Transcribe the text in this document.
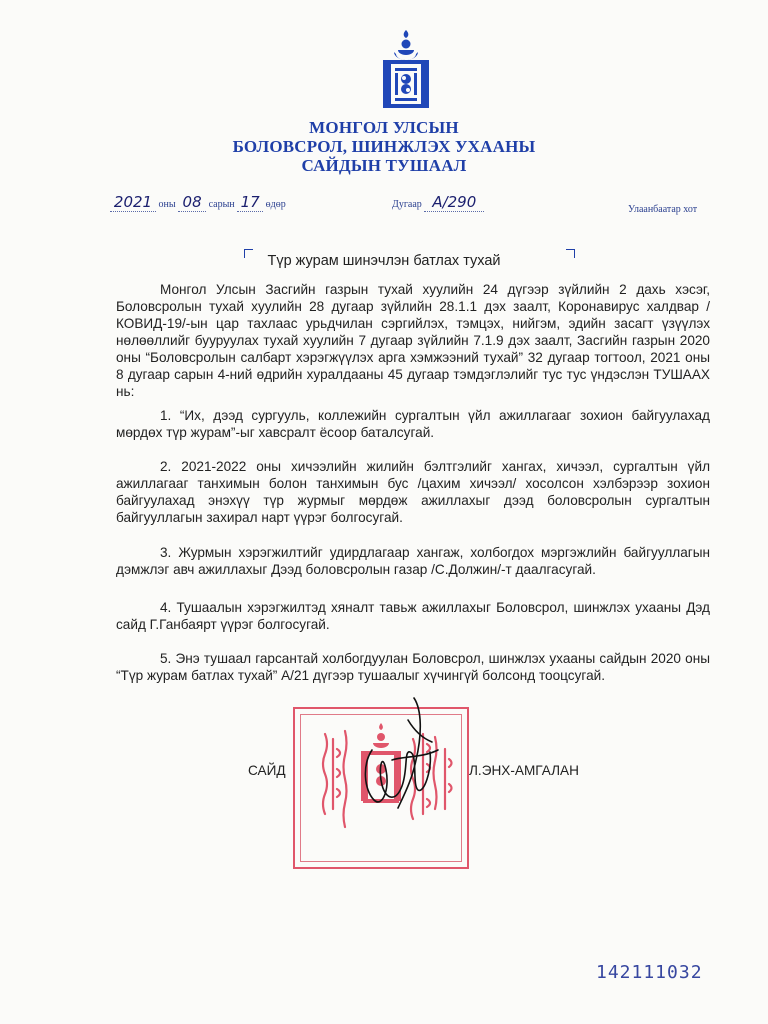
МОНГОЛ УЛСЫН
БОЛОВСРОЛ, ШИНЖЛЭХ УХААНЫ
САЙДЫН ТУШААЛ
2021 оны 08 сарын 17 өдөр	Дугаар А/290	Улаанбаатар хот
Түр журам шинэчлэн батлах тухай

Монгол Улсын Засгийн газрын тухай хуулийн 24 дүгээр зүйлийн 2 дахь хэсэг, Боловсролын тухай хуулийн 28 дугаар зүйлийн 28.1.1 дэх заалт, Коронавирус халдвар /КОВИД-19/-ын цар тахлаас урьдчилан сэргийлэх, тэмцэх, нийгэм, эдийн засагт үзүүлэх нөлөөллийг бууруулах тухай хуулийн 7 дугаар зүйлийн 7.1.9 дэх заалт, Засгийн газрын 2020 оны “Боловсролын салбарт хэрэгжүүлэх арга хэмжээний тухай” 32 дугаар тогтоол, 2021 оны 8 дугаар сарын 4-ний өдрийн хуралдааны 45 дугаар тэмдэглэлийг тус тус үндэслэн ТУШААХ нь:

1. “Их, дээд сургууль, коллежийн сургалтын үйл ажиллагааг зохион байгуулахад мөрдөх түр журам”-ыг хавсралт ёсоор баталсугай.

2. 2021-2022 оны хичээлийн жилийн бэлтгэлийг хангах, хичээл, сургалтын үйл ажиллагааг танхимын болон танхимын бус /цахим хичээл/ хосолсон хэлбэрээр зохион байгуулахад энэхүү түр журмыг мөрдөж ажиллахыг дээд боловсролын сургалтын байгууллагын захирал нарт үүрэг болгосугай.

3. Журмын хэрэгжилтийг удирдлагаар хангаж, холбогдох мэргэжлийн байгууллагын дэмжлэг авч ажиллахыг Дээд боловсролын газар /С.Должин/-т даалгасугай.

4. Тушаалын хэрэгжилтэд хяналт тавьж ажиллахыг Боловсрол, шинжлэх ухааны Дэд сайд Г.Ганбаярт үүрэг болгосугай.

5. Энэ тушаал гарсантай холбогдуулан Боловсрол, шинжлэх ухааны сайдын 2020 оны “Түр журам батлах тухай” А/21 дүгээр тушаалыг хүчингүй болсонд тооцсугай.

САЙД	Л.ЭНХ-АМГАЛАН
142111032
